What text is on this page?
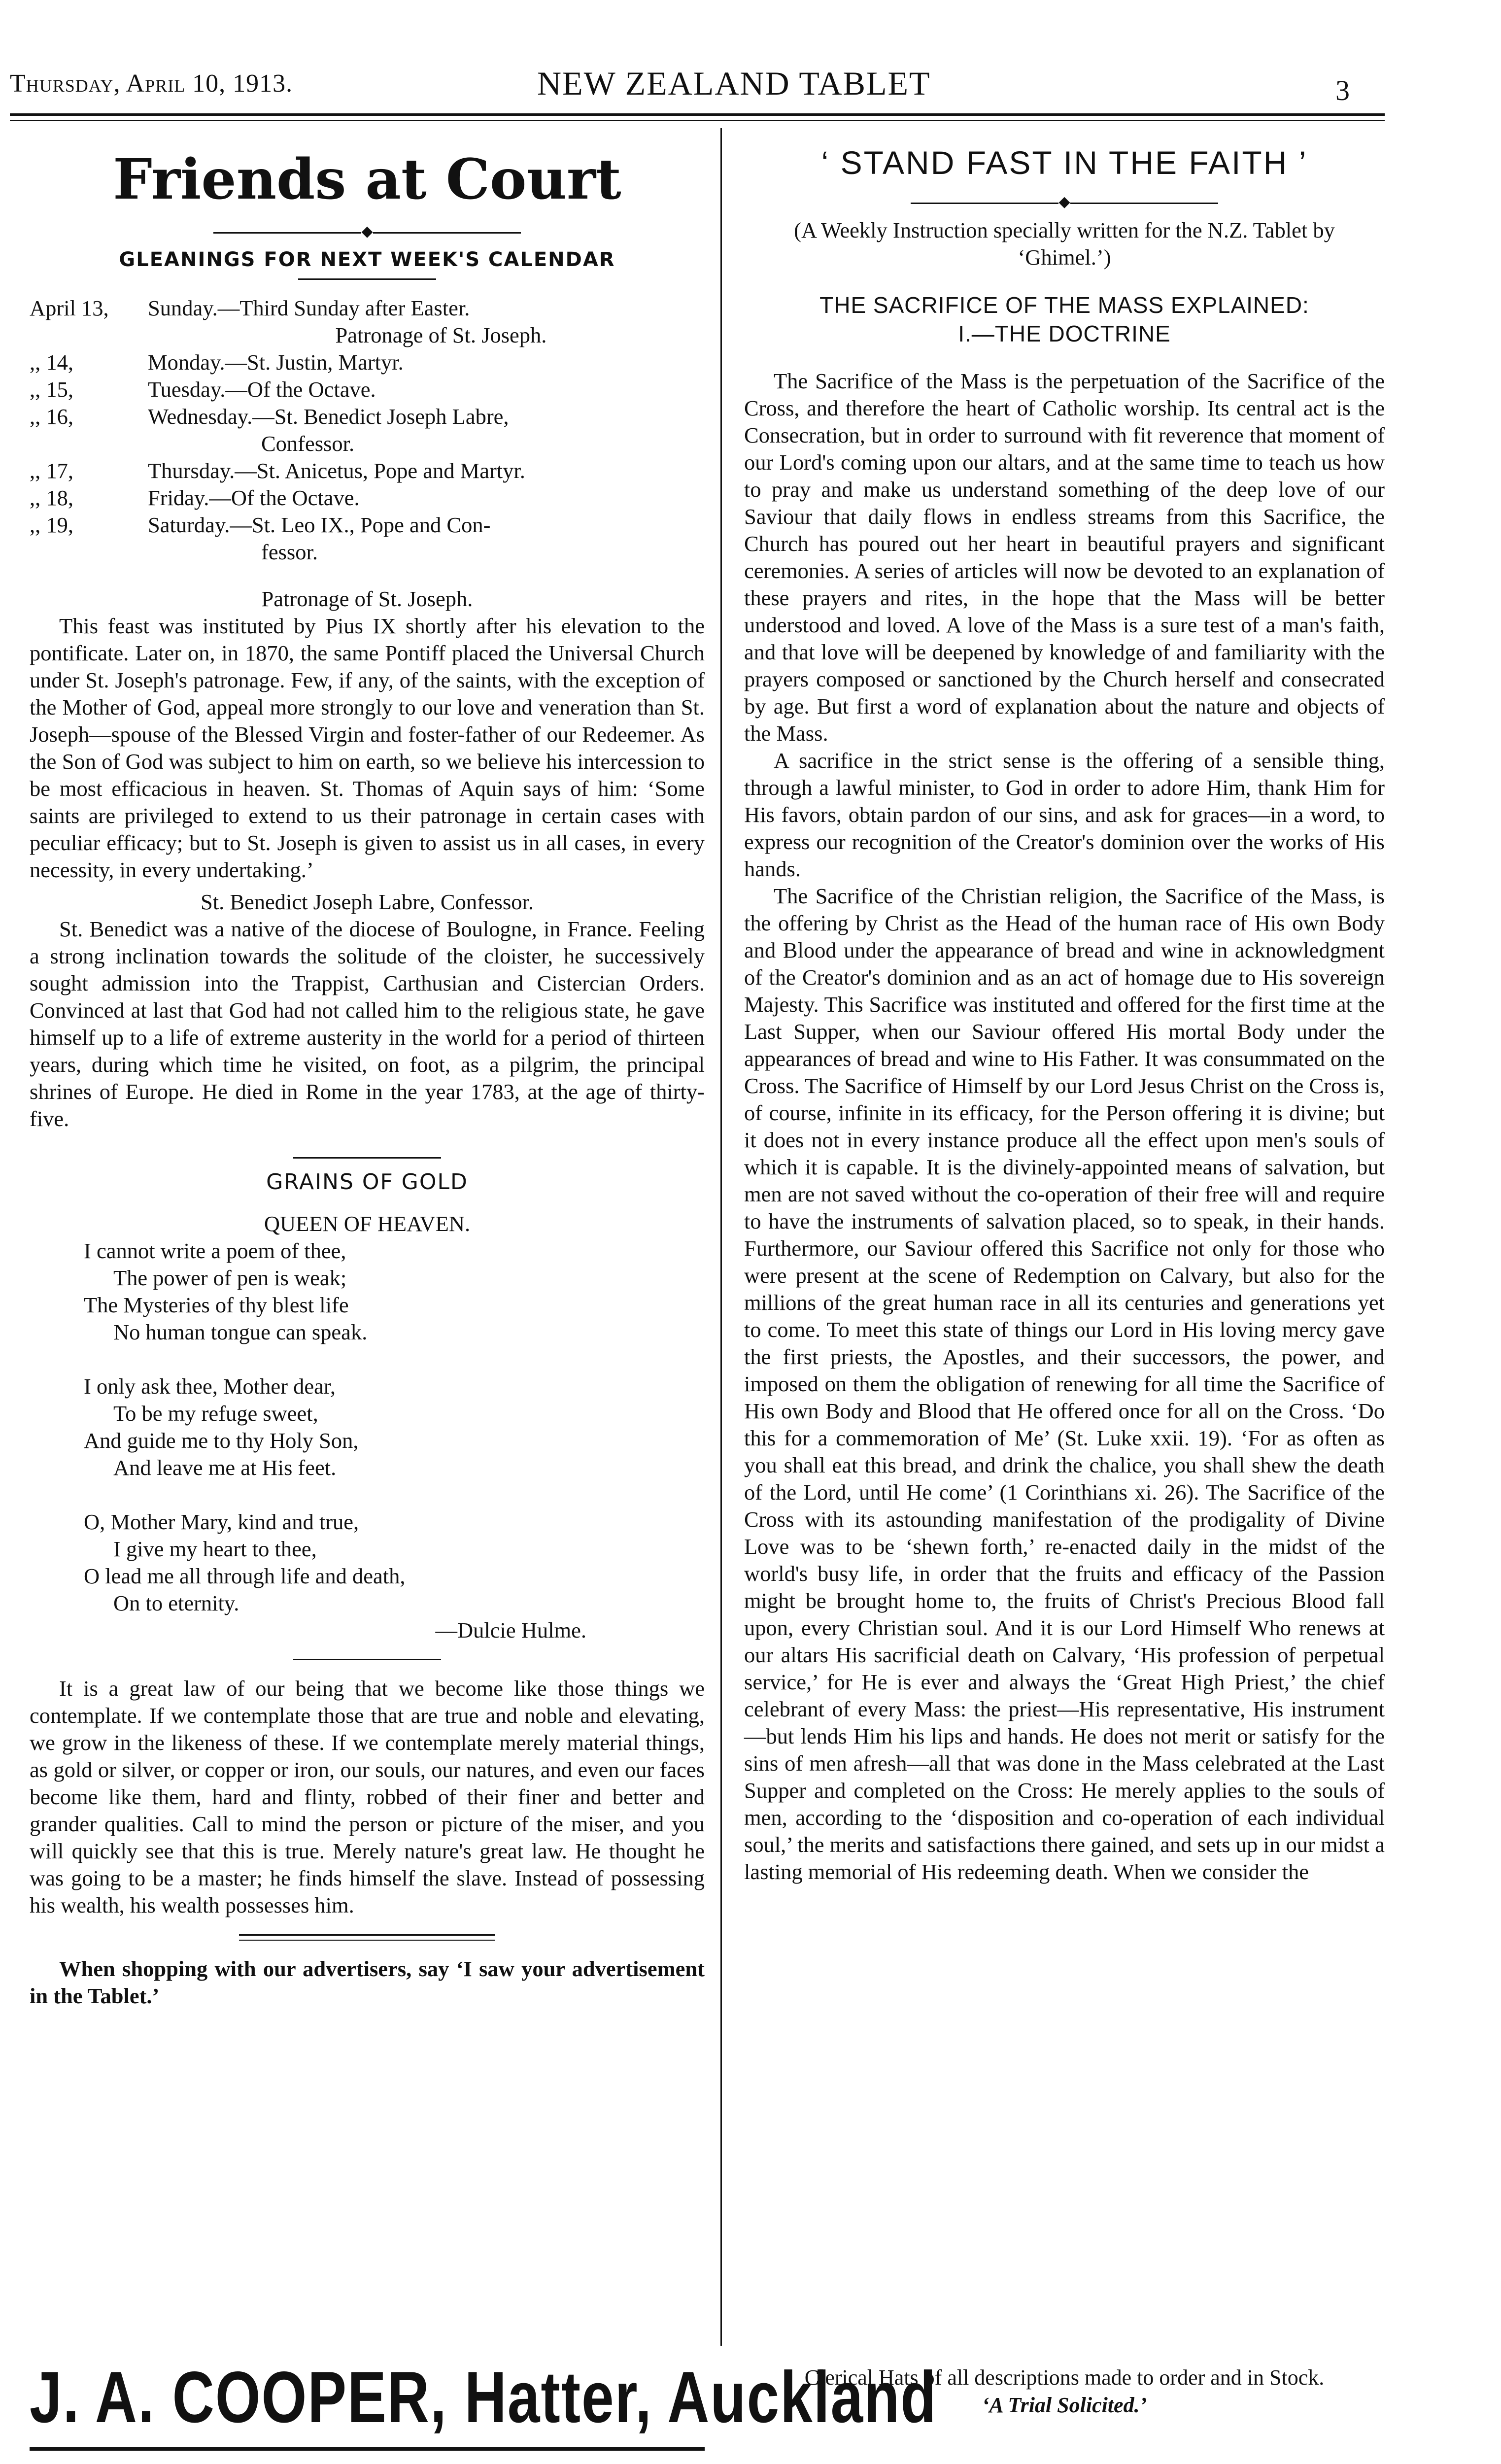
Thursday, April 10, 1913.	NEW ZEALAND TABLET	3
Friends at Court
◆
GLEANINGS FOR NEXT WEEK'S CALENDAR
April 13,	Sunday.—Third Sunday after Easter.
Patronage of St. Joseph.
,, 14,	Monday.—St. Justin, Martyr.
,, 15,	Tuesday.—Of the Octave.
,, 16,	Wednesday.—St. Benedict Joseph Labre,
Confessor.
,, 17,	Thursday.—St. Anicetus, Pope and Martyr.
,, 18,	Friday.—Of the Octave.
,, 19,	Saturday.—St. Leo IX., Pope and Con-
fessor.
Patronage of St. Joseph.
This feast was instituted by Pius IX shortly after his elevation to the pontificate. Later on, in 1870, the same Pontiff placed the Universal Church under St. Joseph's patronage. Few, if any, of the saints, with the exception of the Mother of God, appeal more strongly to our love and veneration than St. Joseph—spouse of the Blessed Virgin and foster-father of our Redeemer. As the Son of God was subject to him on earth, so we believe his intercession to be most efficacious in heaven. St. Thomas of Aquin says of him: ‘Some saints are privileged to extend to us their patronage in certain cases with peculiar efficacy; but to St. Joseph is given to assist us in all cases, in every necessity, in every undertaking.’
St. Benedict Joseph Labre, Confessor.
St. Benedict was a native of the diocese of Boulogne, in France. Feeling a strong inclination towards the solitude of the cloister, he successively sought admission into the Trappist, Carthusian and Cistercian Orders. Convinced at last that God had not called him to the religious state, he gave himself up to a life of extreme austerity in the world for a period of thirteen years, during which time he visited, on foot, as a pilgrim, the principal shrines of Europe. He died in Rome in the year 1783, at the age of thirty-five.
GRAINS OF GOLD
QUEEN OF HEAVEN.
I cannot write a poem of thee,
The power of pen is weak;
The Mysteries of thy blest life
No human tongue can speak.
I only ask thee, Mother dear,
To be my refuge sweet,
And guide me to thy Holy Son,
And leave me at His feet.
O, Mother Mary, kind and true,
I give my heart to thee,
O lead me all through life and death,
On to eternity.
—Dulcie Hulme.
It is a great law of our being that we become like those things we contemplate. If we contemplate those that are true and noble and elevating, we grow in the likeness of these. If we contemplate merely material things, as gold or silver, or copper or iron, our souls, our natures, and even our faces become like them, hard and flinty, robbed of their finer and better and grander qualities. Call to mind the person or picture of the miser, and you will quickly see that this is true. Merely nature's great law. He thought he was going to be a master; he finds himself the slave. Instead of possessing his wealth, his wealth possesses him.
When shopping with our advertisers, say ‘I saw your advertisement in the Tablet.’
‘ STAND FAST IN THE FAITH ’
◆
(A Weekly Instruction specially written for the N.Z. Tablet by ‘Ghimel.’)
THE SACRIFICE OF THE MASS EXPLAINED:
I.—THE DOCTRINE
The Sacrifice of the Mass is the perpetuation of the Sacrifice of the Cross, and therefore the heart of Catholic worship. Its central act is the Consecration, but in order to surround with fit reverence that moment of our Lord's coming upon our altars, and at the same time to teach us how to pray and make us understand something of the deep love of our Saviour that daily flows in endless streams from this Sacrifice, the Church has poured out her heart in beautiful prayers and significant ceremonies. A series of articles will now be devoted to an explanation of these prayers and rites, in the hope that the Mass will be better understood and loved. A love of the Mass is a sure test of a man's faith, and that love will be deepened by knowledge of and familiarity with the prayers composed or sanctioned by the Church herself and consecrated by age. But first a word of explanation about the nature and objects of the Mass.
A sacrifice in the strict sense is the offering of a sensible thing, through a lawful minister, to God in order to adore Him, thank Him for His favors, obtain pardon of our sins, and ask for graces—in a word, to express our recognition of the Creator's dominion over the works of His hands.
The Sacrifice of the Christian religion, the Sacrifice of the Mass, is the offering by Christ as the Head of the human race of His own Body and Blood under the appearance of bread and wine in acknowledgment of the Creator's dominion and as an act of homage due to His sovereign Majesty. This Sacrifice was instituted and offered for the first time at the Last Supper, when our Saviour offered His mortal Body under the appearances of bread and wine to His Father. It was consummated on the Cross. The Sacrifice of Himself by our Lord Jesus Christ on the Cross is, of course, infinite in its efficacy, for the Person offering it is divine; but it does not in every instance produce all the effect upon men's souls of which it is capable. It is the divinely-appointed means of salvation, but men are not saved without the co-operation of their free will and require to have the instruments of salvation placed, so to speak, in their hands. Furthermore, our Saviour offered this Sacrifice not only for those who were present at the scene of Redemption on Calvary, but also for the millions of the great human race in all its centuries and generations yet to come. To meet this state of things our Lord in His loving mercy gave the first priests, the Apostles, and their successors, the power, and imposed on them the obligation of renewing for all time the Sacrifice of His own Body and Blood that He offered once for all on the Cross. ‘Do this for a commemoration of Me’ (St. Luke xxii. 19). ‘For as often as you shall eat this bread, and drink the chalice, you shall shew the death of the Lord, until He come’ (1 Corinthians xi. 26). The Sacrifice of the Cross with its astounding manifestation of the prodigality of Divine Love was to be ‘shewn forth,’ re-enacted daily in the midst of the world's busy life, in order that the fruits and efficacy of the Passion might be brought home to, the fruits of Christ's Precious Blood fall upon, every Christian soul. And it is our Lord Himself Who renews at our altars His sacrificial death on Calvary, ‘His profession of perpetual service,’ for He is ever and always the ‘Great High Priest,’ the chief celebrant of every Mass: the priest—His representative, His instrument—but lends Him his lips and hands. He does not merit or satisfy for the sins of men afresh—all that was done in the Mass celebrated at the Last Supper and completed on the Cross: He merely applies to the souls of men, according to the ‘disposition and co-operation of each individual soul,’ the merits and satisfactions there gained, and sets up in our midst a lasting memorial of His redeeming death. When we consider the
J. A. COOPER, Hatter, Auckland
Clerical Hats of all descriptions made to order and in Stock.
‘A Trial Solicited.’
